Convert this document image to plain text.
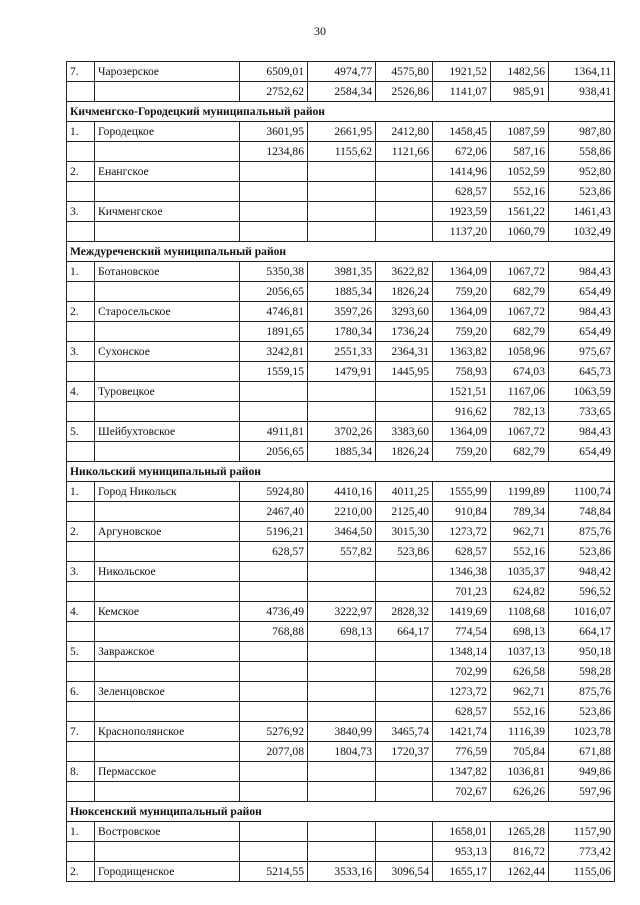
30
7.	Чарозерское	6509,01	4974,77	4575,80	1921,52	1482,56	1364,11
		2752,62	2584,34	2526,86	1141,07	985,91	938,41
Кичменгско-Городецкий муниципальный район							
1.	Городецкое	3601,95	2661,95	2412,80	1458,45	1087,59	987,80
		1234,86	1155,62	1121,66	672,06	587,16	558,86
2.	Енангское				1414,96	1052,59	952,80
					628,57	552,16	523,86
3.	Кичменгское				1923,59	1561,22	1461,43
					1137,20	1060,79	1032,49
Междуреченский муниципальный район							
1.	Ботановское	5350,38	3981,35	3622,82	1364,09	1067,72	984,43
		2056,65	1885,34	1826,24	759,20	682,79	654,49
2.	Старосельское	4746,81	3597,26	3293,60	1364,09	1067,72	984,43
		1891,65	1780,34	1736,24	759,20	682,79	654,49
3.	Сухонское	3242,81	2551,33	2364,31	1363,82	1058,96	975,67
		1559,15	1479,91	1445,95	758,93	674,03	645,73
4.	Туровецкое				1521,51	1167,06	1063,59
					916,62	782,13	733,65
5.	Шейбухтовское	4911,81	3702,26	3383,60	1364,09	1067,72	984,43
		2056,65	1885,34	1826,24	759,20	682,79	654,49
Никольский муниципальный район							
1.	Город Никольск	5924,80	4410,16	4011,25	1555,99	1199,89	1100,74
		2467,40	2210,00	2125,40	910,84	789,34	748,84
2.	Аргуновское	5196,21	3464,50	3015,30	1273,72	962,71	875,76
		628,57	557,82	523,86	628,57	552,16	523,86
3.	Никольское				1346,38	1035,37	948,42
					701,23	624,82	596,52
4.	Кемское	4736,49	3222,97	2828,32	1419,69	1108,68	1016,07
		768,88	698,13	664,17	774,54	698,13	664,17
5.	Завражское				1348,14	1037,13	950,18
					702,99	626,58	598,28
6.	Зеленцовское				1273,72	962,71	875,76
					628,57	552,16	523,86
7.	Краснополянское	5276,92	3840,99	3465,74	1421,74	1116,39	1023,78
		2077,08	1804,73	1720,37	776,59	705,84	671,88
8.	Пермасское				1347,82	1036,81	949,86
					702,67	626,26	597,96
Нюксенский муниципальный район							
1.	Востровское				1658,01	1265,28	1157,90
					953,13	816,72	773,42
2.	Городищенское	5214,55	3533,16	3096,54	1655,17	1262,44	1155,06
